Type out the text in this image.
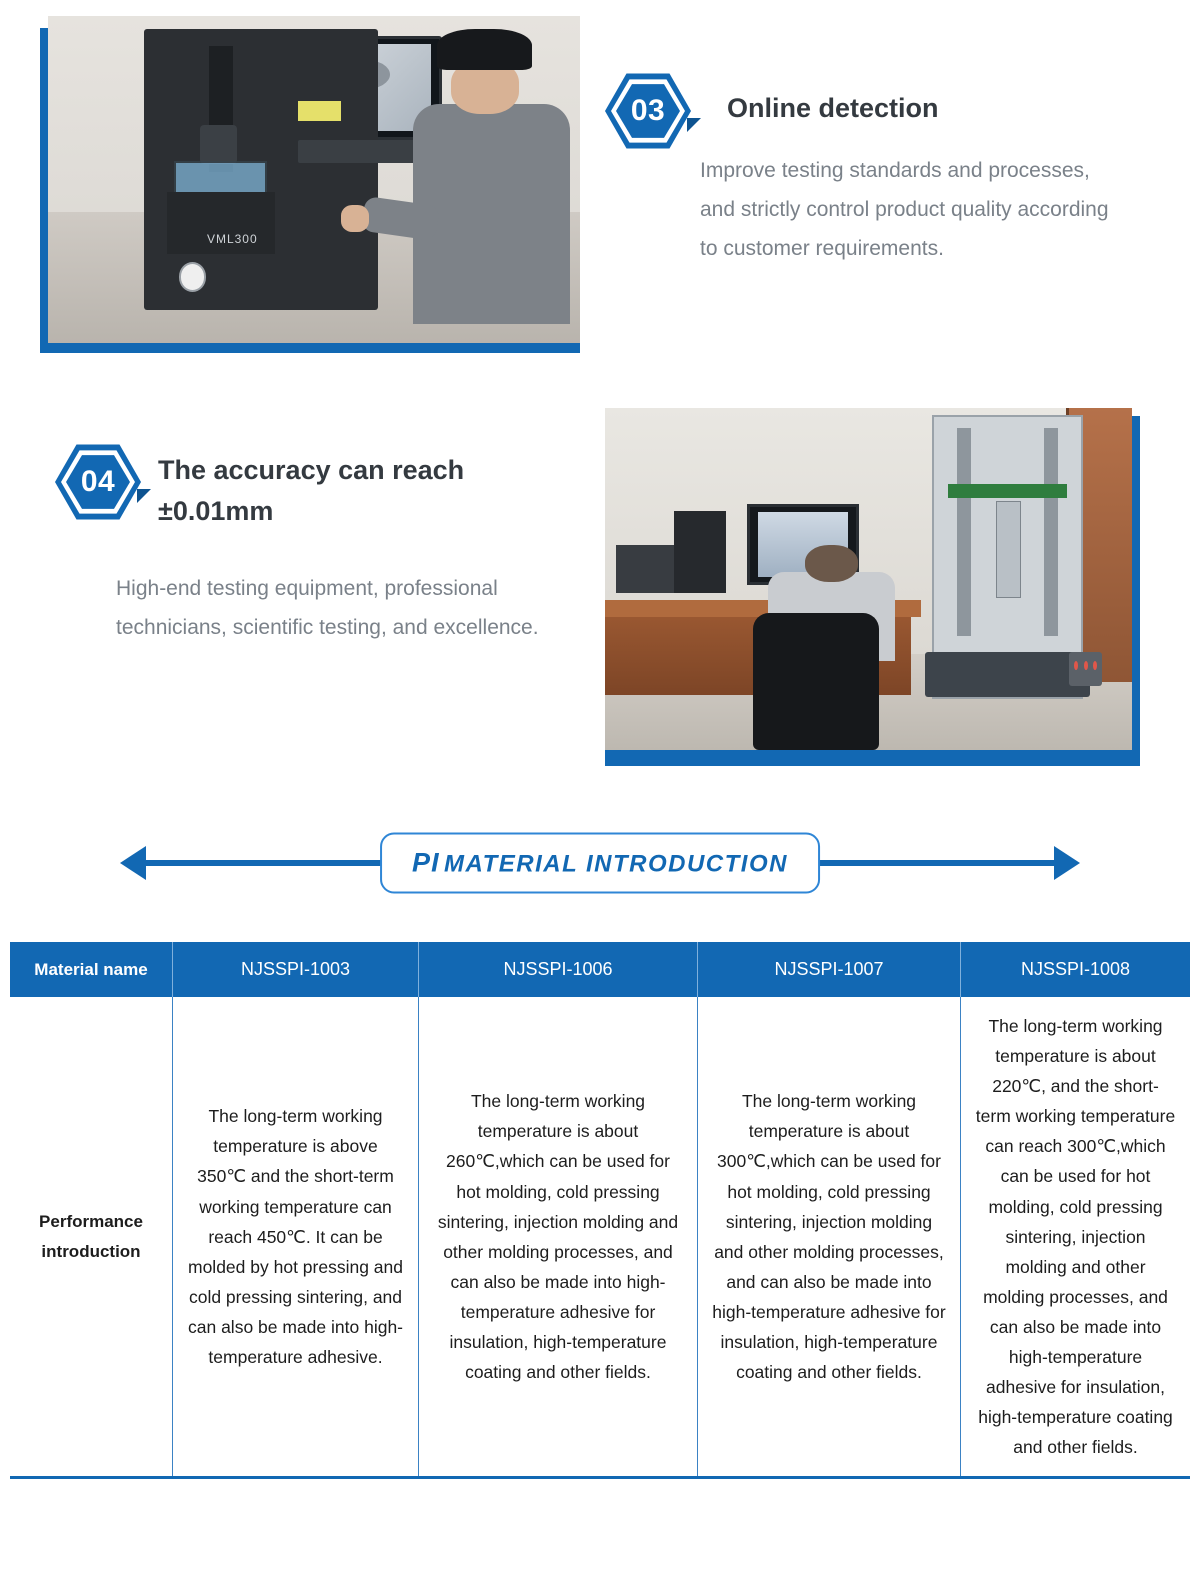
VML300
03 Online detection
Improve testing standards and processes, and strictly control product quality according to customer requirements.
04 The accuracy can reach ±0.01mm
High-end testing equipment, professional technicians, scientific testing, and excellence.
PI MATERIAL INTRODUCTION
Material name	NJSSPI-1003	NJSSPI-1006	NJSSPI-1007	NJSSPI-1008
Performance introduction	The long-term working temperature is above 350℃ and the short-term working temperature can reach 450℃. It can be molded by hot pressing and cold pressing sintering, and can also be made into high-temperature adhesive.	The long-term working temperature is about 260℃,which can be used for hot molding, cold pressing sintering, injection molding and other molding processes, and can also be made into high-temperature adhesive for insulation, high-temperature coating and other fields.	The long-term working temperature is about 300℃,which can be used for hot molding, cold pressing sintering, injection molding and other molding processes, and can also be made into high-temperature adhesive for insulation, high-temperature coating and other fields.	The long-term working temperature is about 220℃, and the short-term working temperature can reach 300℃,which can be used for hot molding, cold pressing sintering, injection molding and other molding processes, and can also be made into high-temperature adhesive for insulation, high-temperature coating and other fields.
